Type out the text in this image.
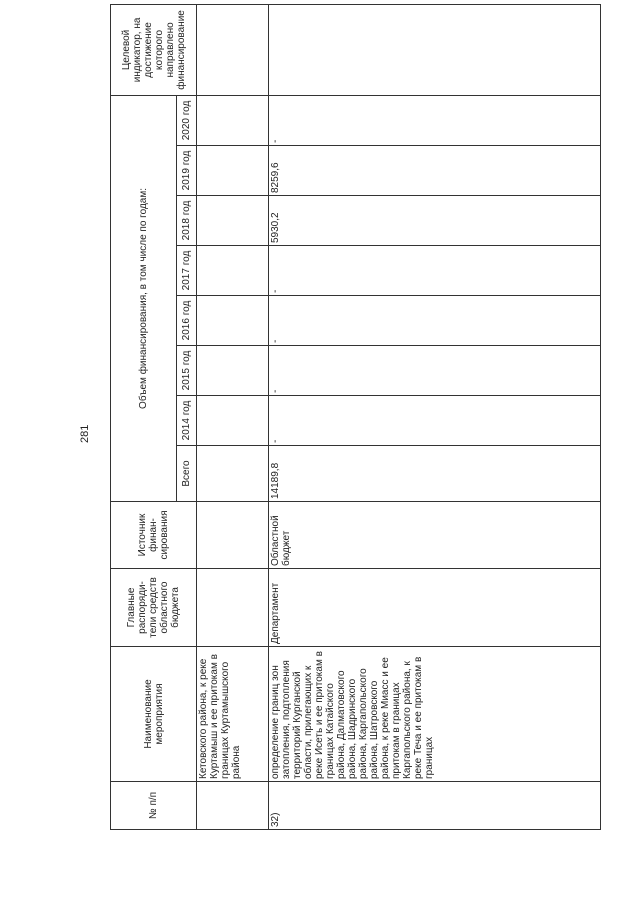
281
№ п/п	Наименование мероприятия	Главные распоряди-тели средств областного бюджета	Источник финан-сирования	Объем финансирования, в том числе по годам:								Целевой индикатор, на достижение которого направлено финансирование
				Всего	2014 год	2015 год	2016 год	2017 год	2018 год	2019 год	2020 год	
	Кетовского района, к реке Куртамыш и ее притокам в границах Куртамышского района											
32)	определение границ зон затопления, подтопления территорий Курганской области, прилегающих к реке Исеть и ее притокам в границах Катайского района, Далматовского района, Шадринского района, Каргапольского района, Шатровского района, к реке Миасс и ее притокам в границах Каргапольского района, к реке Теча и ее притокам в границах	Департамент	Областной бюджет	14189,8	-	-	-	-	5930,2	8259,6	-	
